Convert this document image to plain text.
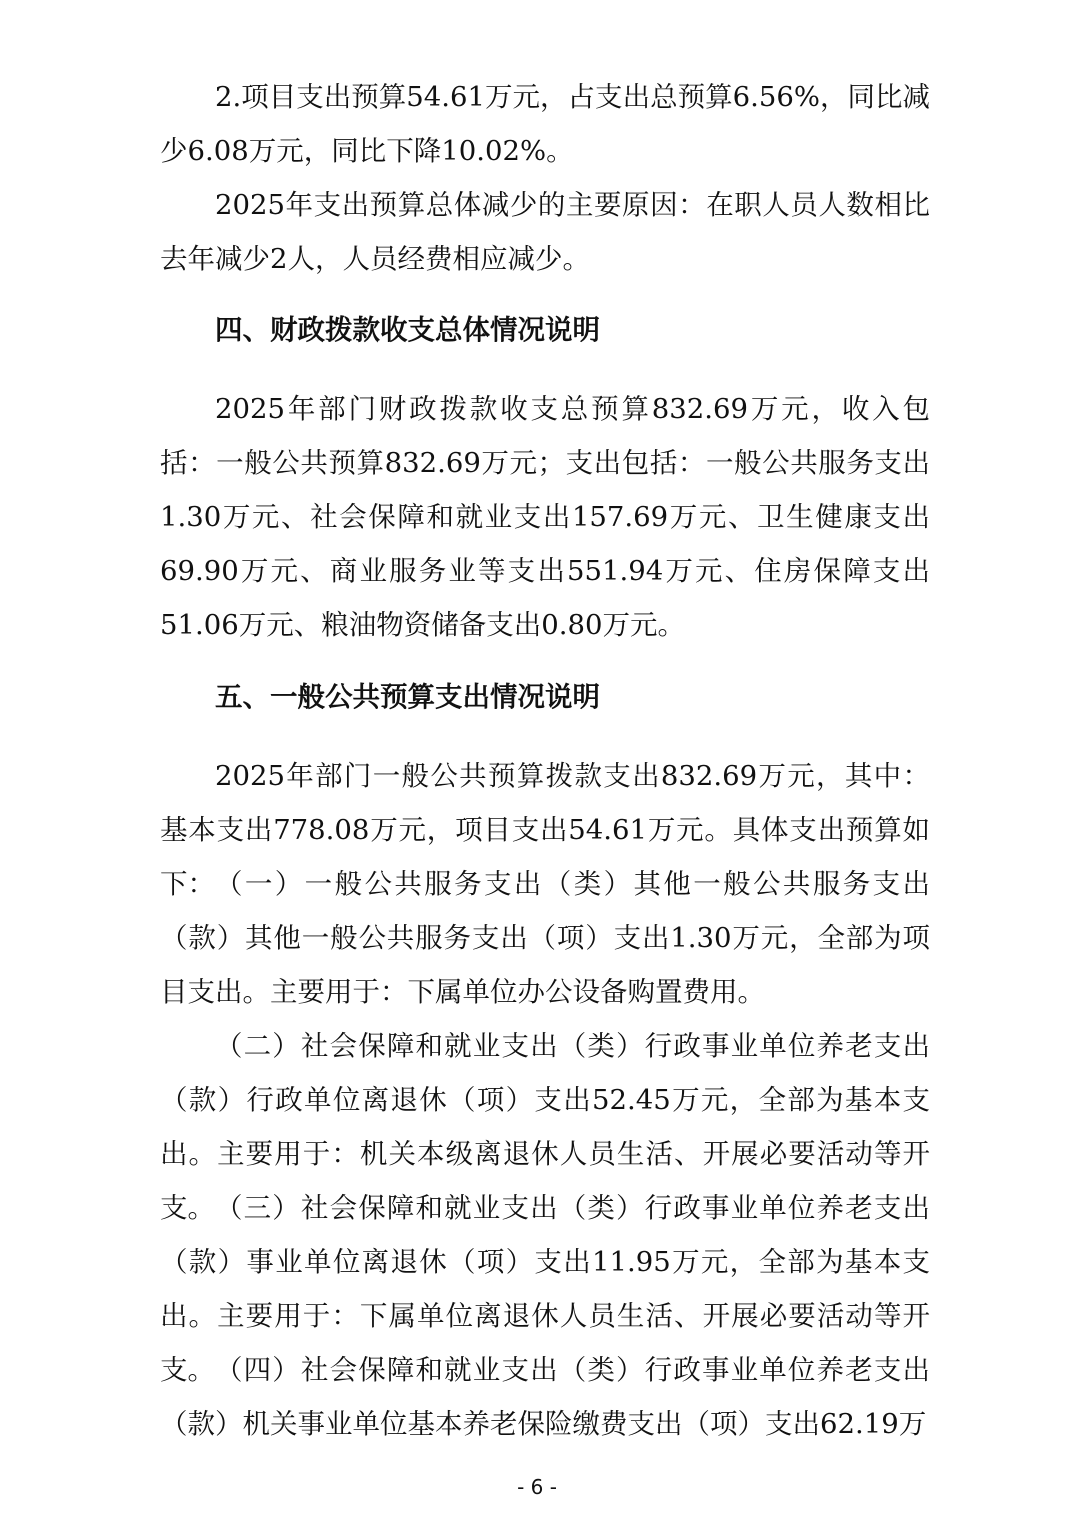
2.项目支出预算54.61万元，占支出总预算6.56%，同比减少6.08万元，同比下降10.02%。

2025年支出预算总体减少的主要原因：在职人员人数相比去年减少2人，人员经费相应减少。

四、财政拨款收支总体情况说明

2025年部门财政拨款收支总预算832.69万元，收入包括：一般公共预算832.69万元；支出包括：一般公共服务支出1.30万元、社会保障和就业支出157.69万元、卫生健康支出69.90万元、商业服务业等支出551.94万元、住房保障支出51.06万元、粮油物资储备支出0.80万元。

五、一般公共预算支出情况说明

2025年部门一般公共预算拨款支出832.69万元，其中：基本支出778.08万元，项目支出54.61万元。具体支出预算如下： （一）一般公共服务支出（类）其他一般公共服务支出（款）其他一般公共服务支出（项）支出1.30万元，全部为项目支出。主要用于：下属单位办公设备购置费用。

（二）社会保障和就业支出（类）行政事业单位养老支出（款）行政单位离退休（项）支出52.45万元，全部为基本支出。主要用于：机关本级离退休人员生活、开展必要活动等开支。 （三）社会保障和就业支出（类）行政事业单位养老支出（款）事业单位离退休（项）支出11.95万元，全部为基本支出。主要用于：下属单位离退休人员生活、开展必要活动等开支。 （四）社会保障和就业支出（类）行政事业单位养老支出（款）机关事业单位基本养老保险缴费支出（项）支出62.19万

- 6 -
